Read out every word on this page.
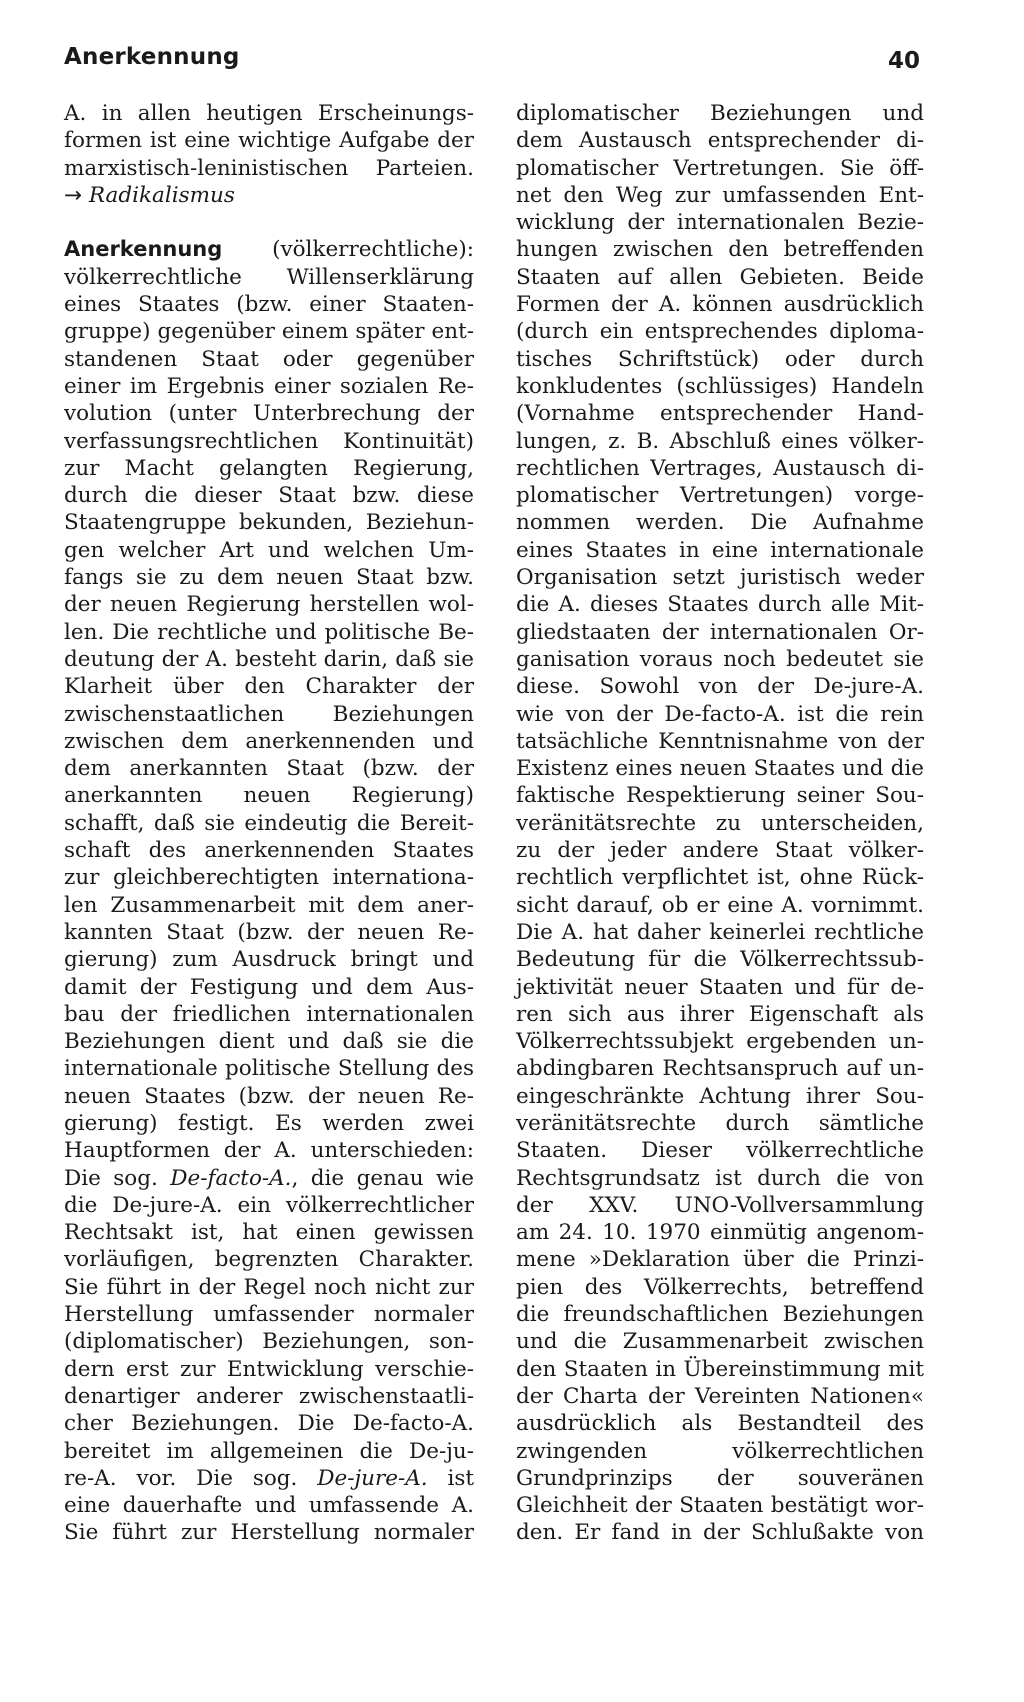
Anerkennung	40
A. in allen heutigen Erscheinungs-
formen ist eine wichtige Aufgabe der
marxistisch-leninistischen Parteien.
→ Radikalismus
Anerkennung (völkerrechtliche):
völkerrechtliche Willenserklärung
eines Staates (bzw. einer Staaten-
gruppe) gegenüber einem später ent-
standenen Staat oder gegenüber
einer im Ergebnis einer sozialen Re-
volution (unter Unterbrechung der
verfassungsrechtlichen Kontinuität)
zur Macht gelangten Regierung,
durch die dieser Staat bzw. diese
Staatengruppe bekunden, Beziehun-
gen welcher Art und welchen Um-
fangs sie zu dem neuen Staat bzw.
der neuen Regierung herstellen wol-
len. Die rechtliche und politische Be-
deutung der A. besteht darin, daß sie
Klarheit über den Charakter der
zwischenstaatlichen Beziehungen
zwischen dem anerkennenden und
dem anerkannten Staat (bzw. der
anerkannten neuen Regierung)
schafft, daß sie eindeutig die Bereit-
schaft des anerkennenden Staates
zur gleichberechtigten internationa-
len Zusammenarbeit mit dem aner-
kannten Staat (bzw. der neuen Re-
gierung) zum Ausdruck bringt und
damit der Festigung und dem Aus-
bau der friedlichen internationalen
Beziehungen dient und daß sie die
internationale politische Stellung des
neuen Staates (bzw. der neuen Re-
gierung) festigt. Es werden zwei
Hauptformen der A. unterschieden:
Die sog. De-facto-A., die genau wie
die De-jure-A. ein völkerrechtlicher
Rechtsakt ist, hat einen gewissen
vorläufigen, begrenzten Charakter.
Sie führt in der Regel noch nicht zur
Herstellung umfassender normaler
(diplomatischer) Beziehungen, son-
dern erst zur Entwicklung verschie-
denartiger anderer zwischenstaatli-
cher Beziehungen. Die De-facto-A.
bereitet im allgemeinen die De-ju-
re-A. vor. Die sog. De-jure-A. ist
eine dauerhafte und umfassende A.
Sie führt zur Herstellung normaler
diplomatischer Beziehungen und
dem Austausch entsprechender di-
plomatischer Vertretungen. Sie öff-
net den Weg zur umfassenden Ent-
wicklung der internationalen Bezie-
hungen zwischen den betreffenden
Staaten auf allen Gebieten. Beide
Formen der A. können ausdrücklich
(durch ein entsprechendes diploma-
tisches Schriftstück) oder durch
konkludentes (schlüssiges) Handeln
(Vornahme entsprechender Hand-
lungen, z. B. Abschluß eines völker-
rechtlichen Vertrages, Austausch di-
plomatischer Vertretungen) vorge-
nommen werden. Die Aufnahme
eines Staates in eine internationale
Organisation setzt juristisch weder
die A. dieses Staates durch alle Mit-
gliedstaaten der internationalen Or-
ganisation voraus noch bedeutet sie
diese. Sowohl von der De-jure-A.
wie von der De-facto-A. ist die rein
tatsächliche Kenntnisnahme von der
Existenz eines neuen Staates und die
faktische Respektierung seiner Sou-
veränitätsrechte zu unterscheiden,
zu der jeder andere Staat völker-
rechtlich verpflichtet ist, ohne Rück-
sicht darauf, ob er eine A. vornimmt.
Die A. hat daher keinerlei rechtliche
Bedeutung für die Völkerrechtssub-
jektivität neuer Staaten und für de-
ren sich aus ihrer Eigenschaft als
Völkerrechtssubjekt ergebenden un-
abdingbaren Rechtsanspruch auf un-
eingeschränkte Achtung ihrer Sou-
veränitätsrechte durch sämtliche
Staaten. Dieser völkerrechtliche
Rechtsgrundsatz ist durch die von
der XXV. UNO-Vollversammlung
am 24. 10. 1970 einmütig angenom-
mene »Deklaration über die Prinzi-
pien des Völkerrechts, betreffend
die freundschaftlichen Beziehungen
und die Zusammenarbeit zwischen
den Staaten in Übereinstimmung mit
der Charta der Vereinten Nationen«
ausdrücklich als Bestandteil des
zwingenden völkerrechtlichen
Grundprinzips der souveränen
Gleichheit der Staaten bestätigt wor-
den. Er fand in der Schlußakte von
